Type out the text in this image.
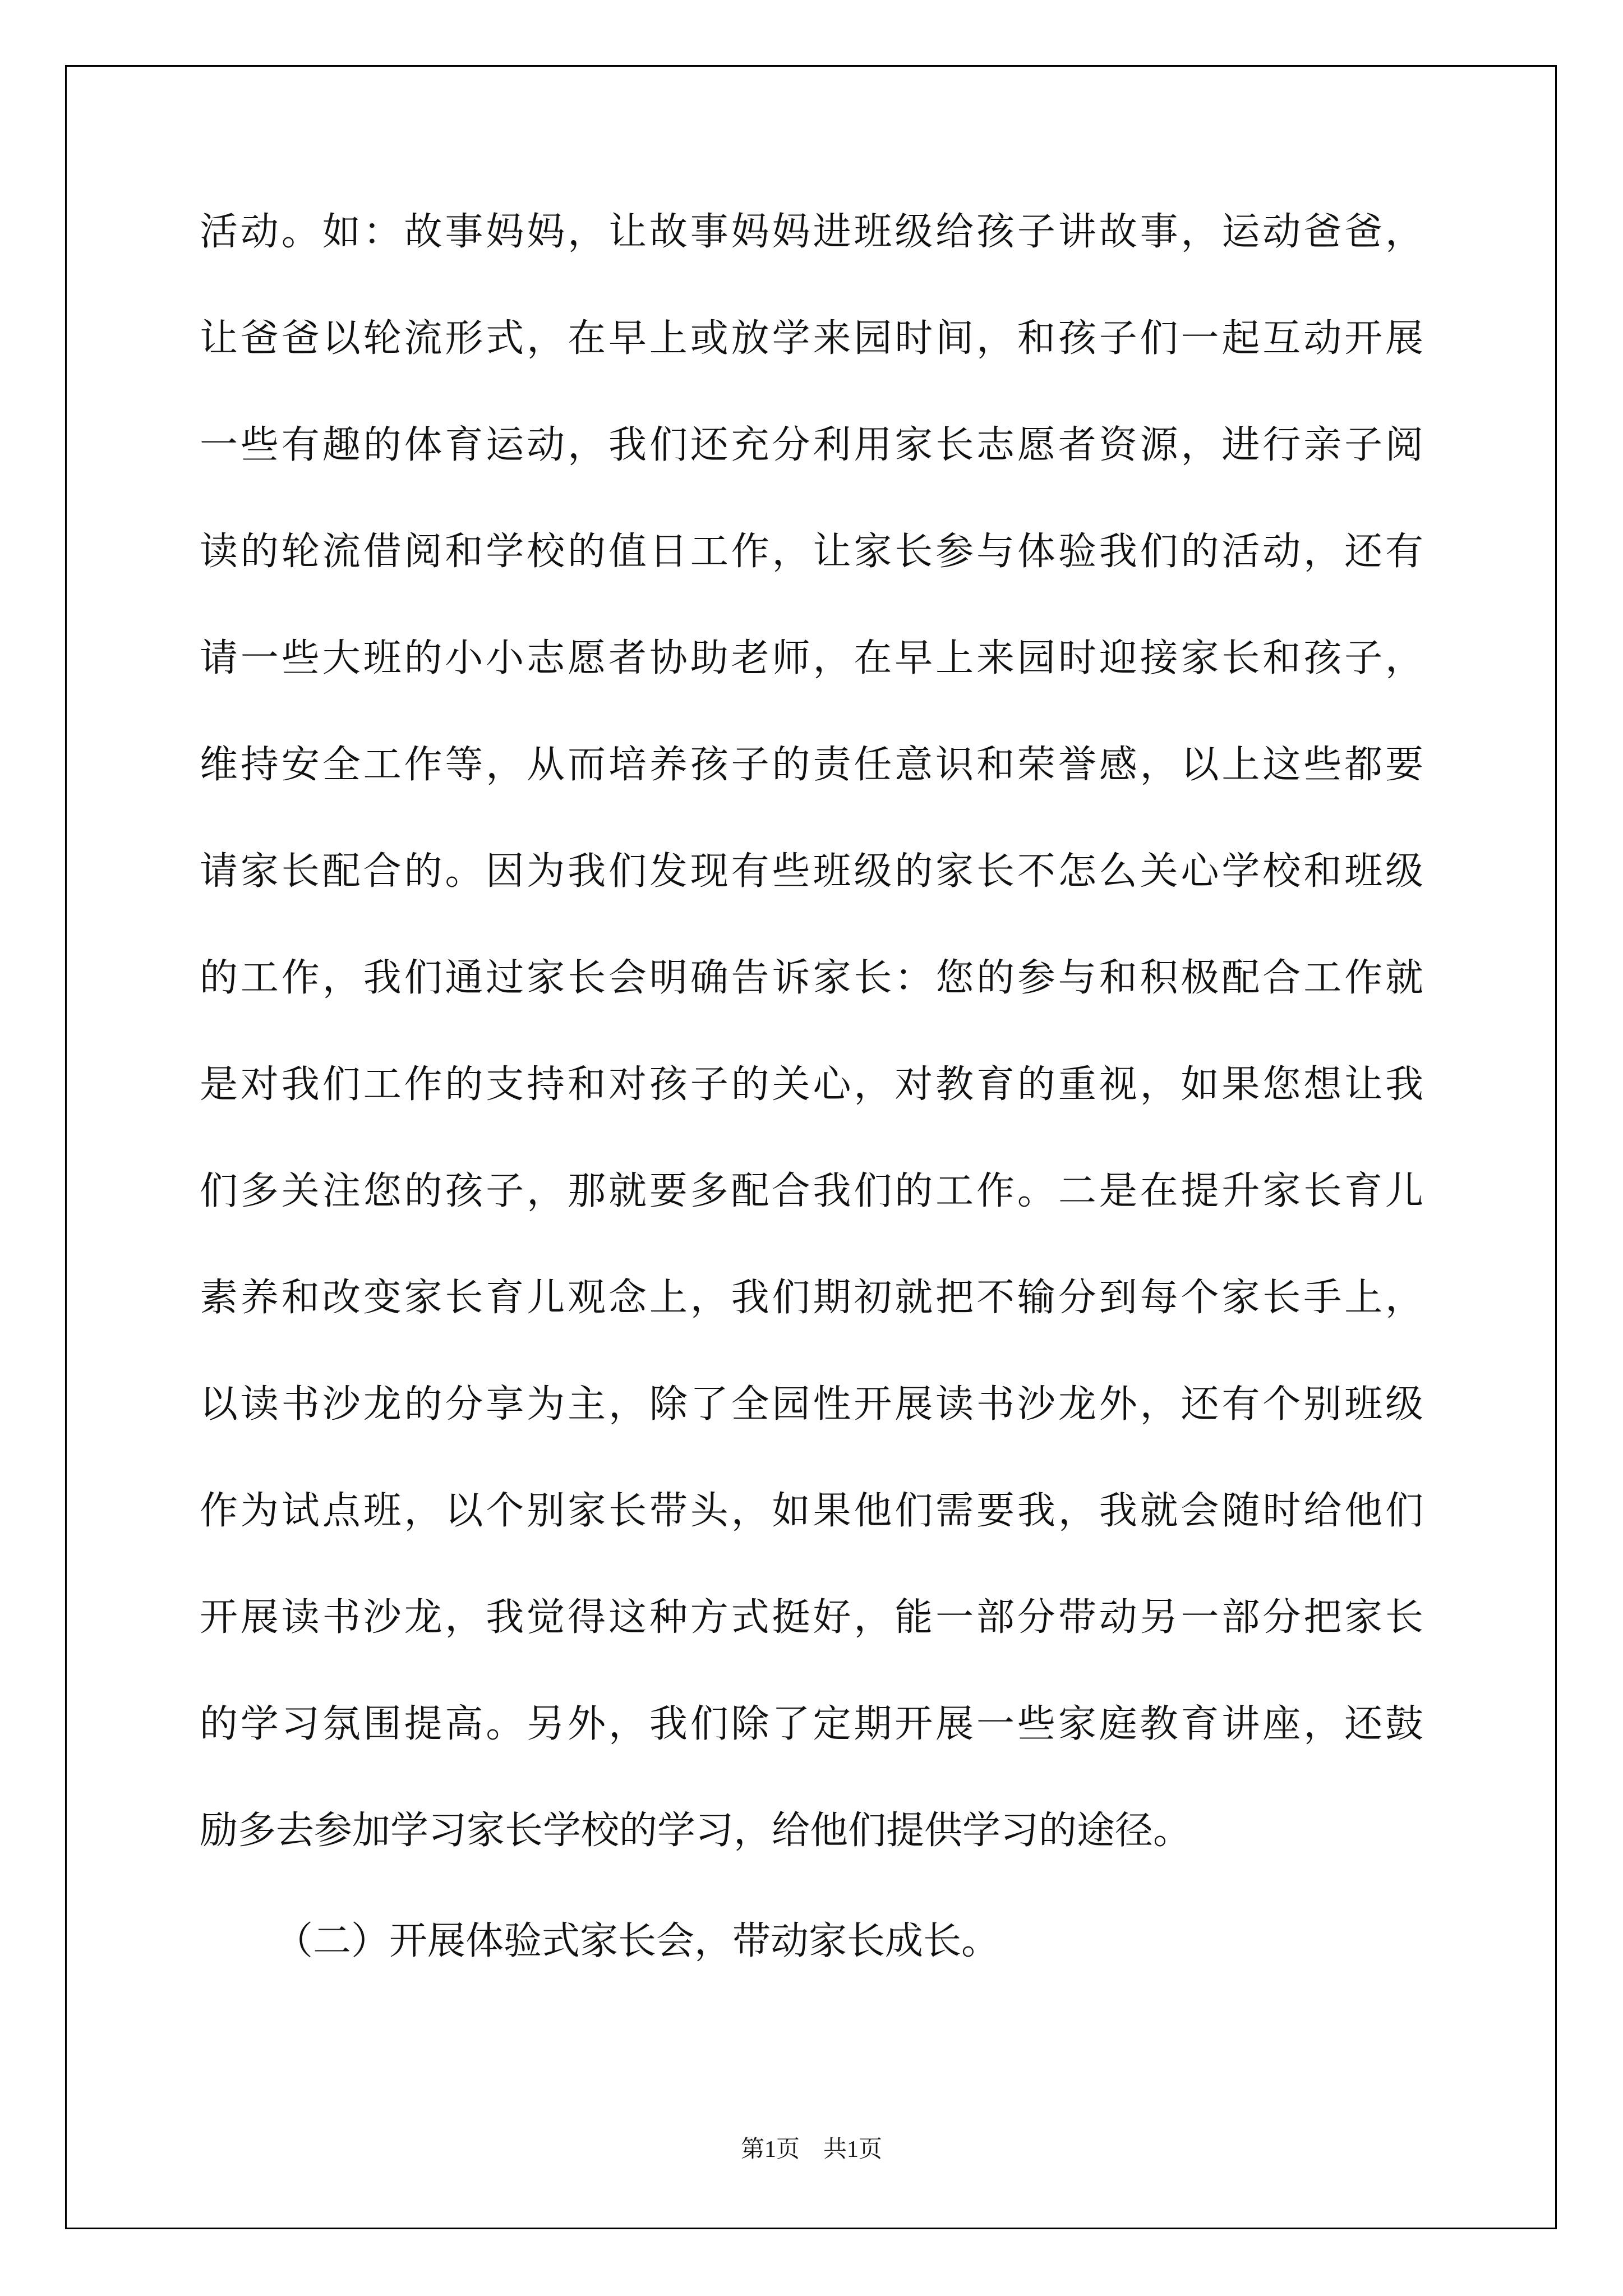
活动。如：故事妈妈，让故事妈妈进班级给孩子讲故事，运动爸爸，
让爸爸以轮流形式，在早上或放学来园时间，和孩子们一起互动开展
一些有趣的体育运动，我们还充分利用家长志愿者资源，进行亲子阅
读的轮流借阅和学校的值日工作，让家长参与体验我们的活动，还有
请一些大班的小小志愿者协助老师，在早上来园时迎接家长和孩子，
维持安全工作等，从而培养孩子的责任意识和荣誉感，以上这些都要
请家长配合的。因为我们发现有些班级的家长不怎么关心学校和班级
的工作，我们通过家长会明确告诉家长：您的参与和积极配合工作就
是对我们工作的支持和对孩子的关心，对教育的重视，如果您想让我
们多关注您的孩子，那就要多配合我们的工作。二是在提升家长育儿
素养和改变家长育儿观念上，我们期初就把不输分到每个家长手上，
以读书沙龙的分享为主，除了全园性开展读书沙龙外，还有个别班级
作为试点班，以个别家长带头，如果他们需要我，我就会随时给他们
开展读书沙龙，我觉得这种方式挺好，能一部分带动另一部分把家长
的学习氛围提高。另外，我们除了定期开展一些家庭教育讲座，还鼓
励多去参加学习家长学校的学习，给他们提供学习的途径。
（二）开展体验式家长会，带动家长成长。
第1页　共1页
